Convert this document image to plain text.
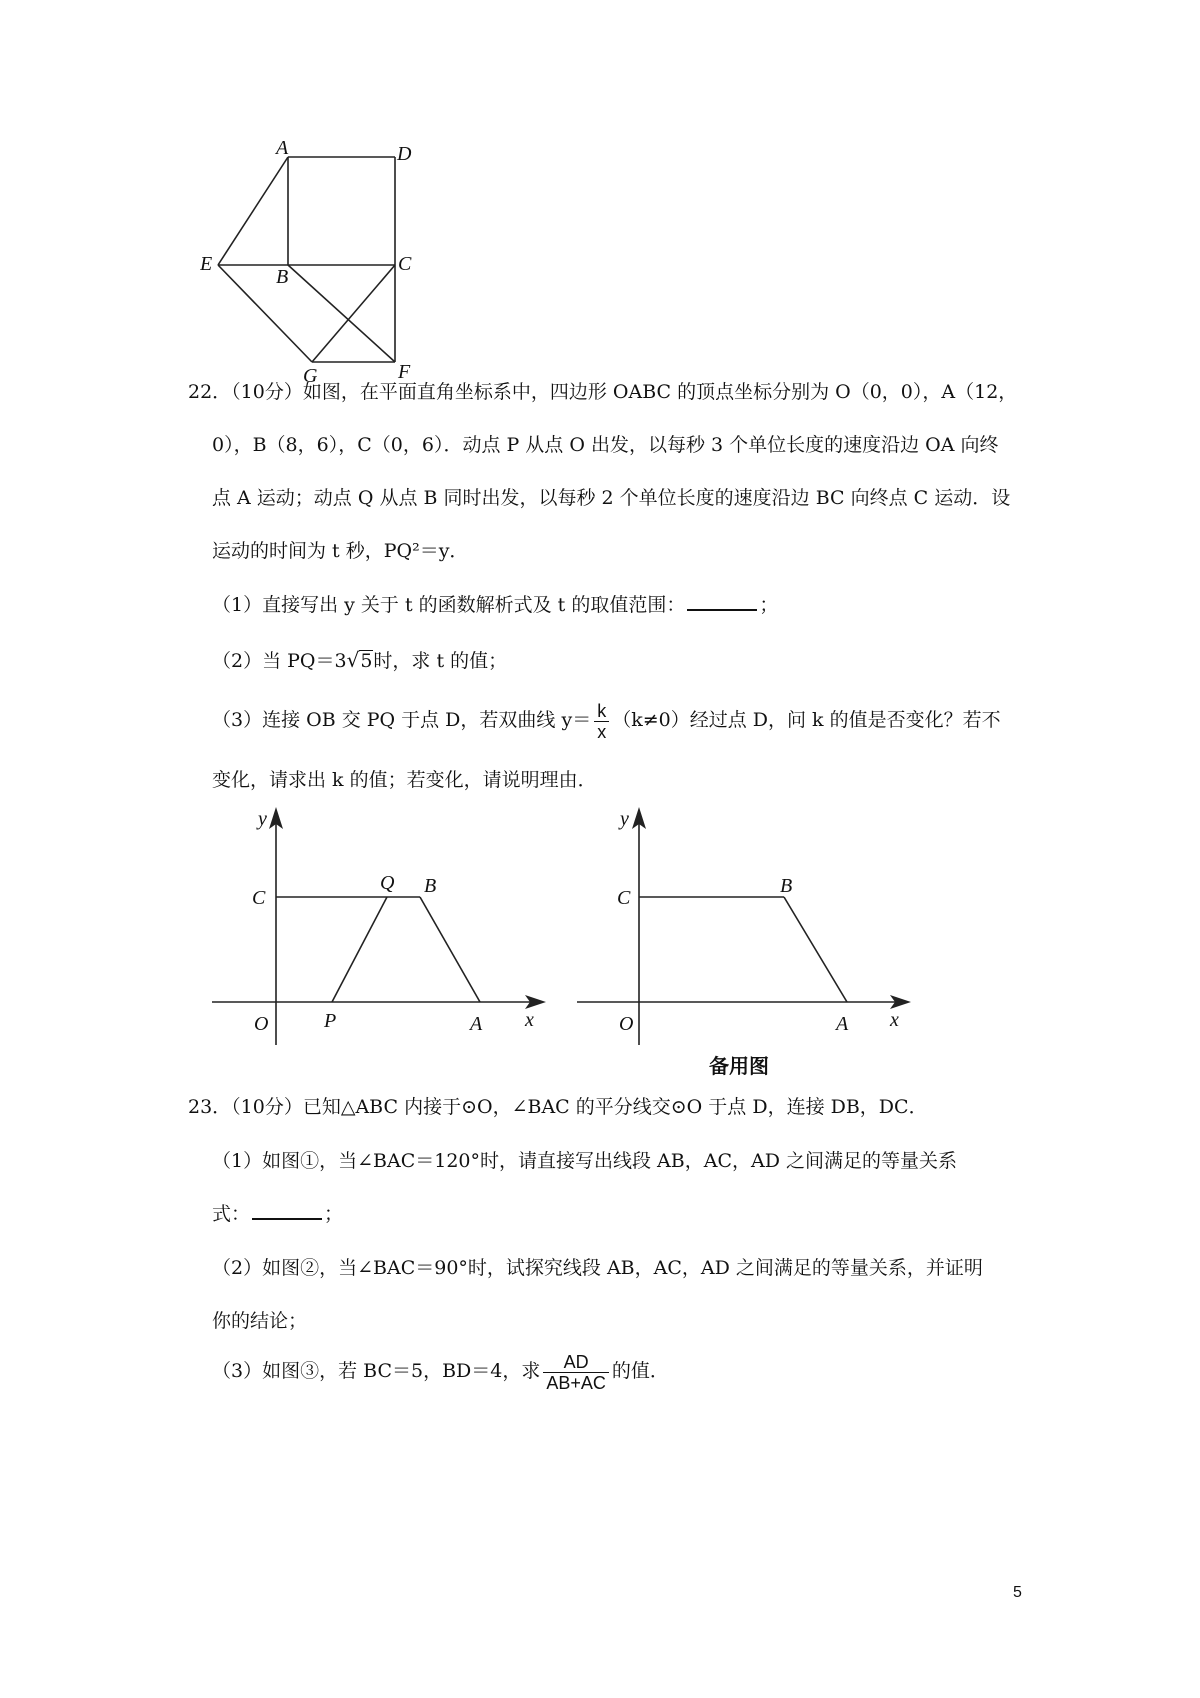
A	D
E
B
C
G	F
22．（10分）如图，在平面直角坐标系中，四边形 OABC 的顶点坐标分别为 O（0，0），A（12，
0），B（8，6），C（0，6）．动点 P 从点 O 出发，以每秒 3 个单位长度的速度沿边 OA 向终
点 A 运动；动点 Q 从点 B 同时出发，以每秒 2 个单位长度的速度沿边 BC 向终点 C 运动．设
运动的时间为 t 秒，PQ²＝y．
（1）直接写出 y 关于 t 的函数解析式及 t 的取值范围：	；
（2）当 PQ＝3√5时，求 t 的值；
（3）连接 OB 交 PQ 于点 D，若双曲线 $y= \frac{k}{x} (k\ne 0)$经过点 D，问 k 的值是否变化？若不
变化，请求出 k 的值；若变化，请说明理由．
y
x
O
C
Q B
P	A
y
x
O
C
B
A
备用图
23．（10分）已知△ABC 内接于⊙O，∠BAC 的平分线交⊙O 于点 D，连接 DB，DC．
（1）如图①，当∠BAC＝120°时，请直接写出线段 AB，AC，AD 之间满足的等量关系
式：	；
（2）如图②，当∠BAC＝90°时，试探究线段 AB，AC，AD 之间满足的等量关系，并证明
你的结论；
（3）如图③，若 BC＝5，BD＝4，求 $\frac{AD}{AB+AC}$ 的值．
5
